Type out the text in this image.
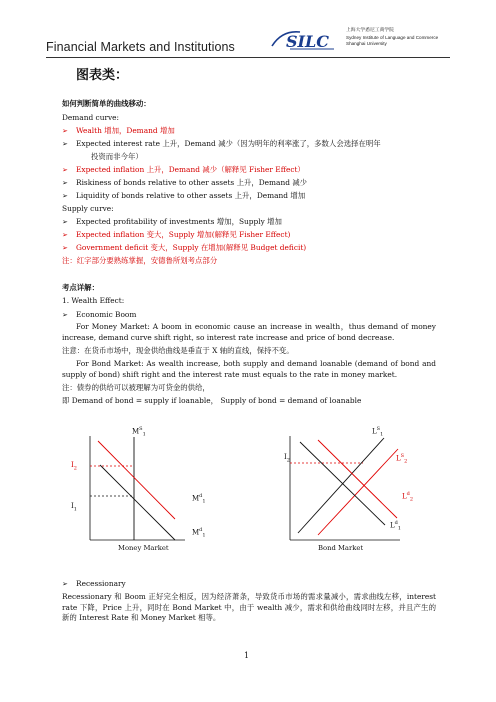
Financial Markets and Institutions	SILC
上海大学悉尼工商学院
Sydney Institute of Language and Commerce
Shanghai University
图表类：
如何判断简单的曲线移动：
Demand curve:
➢ Wealth 增加，Demand 增加
➢ Expected interest rate 上升，Demand 减少（因为明年的利率涨了，多数人会选择在明年
投资而非今年）
➢ Expected inflation 上升，Demand 减少（解释见 Fisher Effect）
➢ Riskiness of bonds relative to other assets 上升，Demand 减少
➢ Liquidity of bonds relative to other assets 上升，Demand 增加
Supply curve:
➢ Expected profitability of investments 增加，Supply 增加
➢ Expected inflation 变大，Supply 增加(解释见 Fisher Effect)
➢ Government deficit 变大，Supply 在增加(解释见 Budget deficit)
注：红字部分要熟练掌握，安德鲁所划考点部分
考点详解：
1. Wealth Effect:
➢ Economic Boom
For Money Market: A boom in economic cause an increase in wealth，thus demand of money increase, demand curve shift right, so interest rate increase and price of bond decrease.
注意：在货币市场中，现金供给曲线是垂直于 X 轴的直线，保持不变。
For Bond Market: As wealth increase, both supply and demand loanable (demand of bond and supply of bond) shift right and the interest rate must equals to the rate in money market.
注：债券的供给可以被理解为可贷金的供给，
即 Demand of bond = supply if loanable， Supply of bond = demand of loanable
$M^S_1$
$I_2$
$I_1$
$M^d_1$
$M^d_1$
Money Market
$L^S_1$
$I_2$	$L^S_2$
$L^d_2$
$L^d_1$
Bond Market
➢ Recessionary
Recessionary 和 Boom 正好完全相反，因为经济萧条，导致货币市场的需求量减小，需求曲线左移，interest rate 下降，Price 上升，同时在 Bond Market 中，由于 wealth 减少，需求和供给曲线同时左移，并且产生的新的 Interest Rate 和 Money Market 相等。
1
